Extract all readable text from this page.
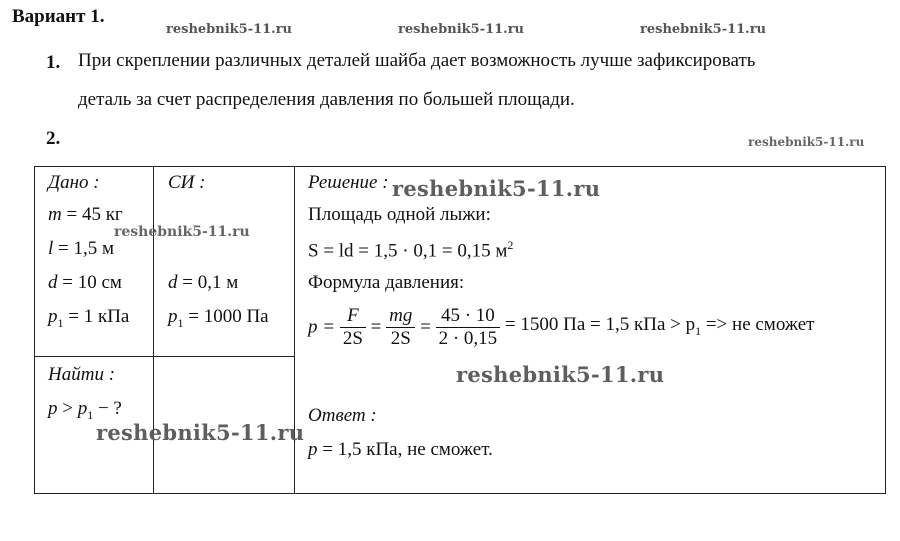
Вариант 1.
reshebnik5-11.ru	reshebnik5-11.ru	reshebnik5-11.ru
1. При скреплении различных деталей шайба дает возможность лучше зафиксировать
деталь за счет распределения давления по большей площади.
2.	reshebnik5-11.ru

Дано :
m = 45 кг
l = 1,5 м
d = 10 см
$p_1 = 1$ кПа
СИ :
d = 0,1 м
$p_1 = 1000$ Па
Найти :
$p > p_1$ − ?
Решение :
Площадь одной лыжи:
S = ld = 1,5 · 0,1 = 0,15 $м^2$
Формула давления:
$p = \frac{F}{2S} = \frac{mg}{2S} = \frac{45 \cdot 10}{2 \cdot 0,15} = 1500$ Па = 1,5 кПа > $p_1$ => не сможет
Ответ :
p = 1,5 кПа, не сможет.
reshebnik5-11.ru
reshebnik5-11.ru
reshebnik5-11.ru
reshebnik5-11.ru
